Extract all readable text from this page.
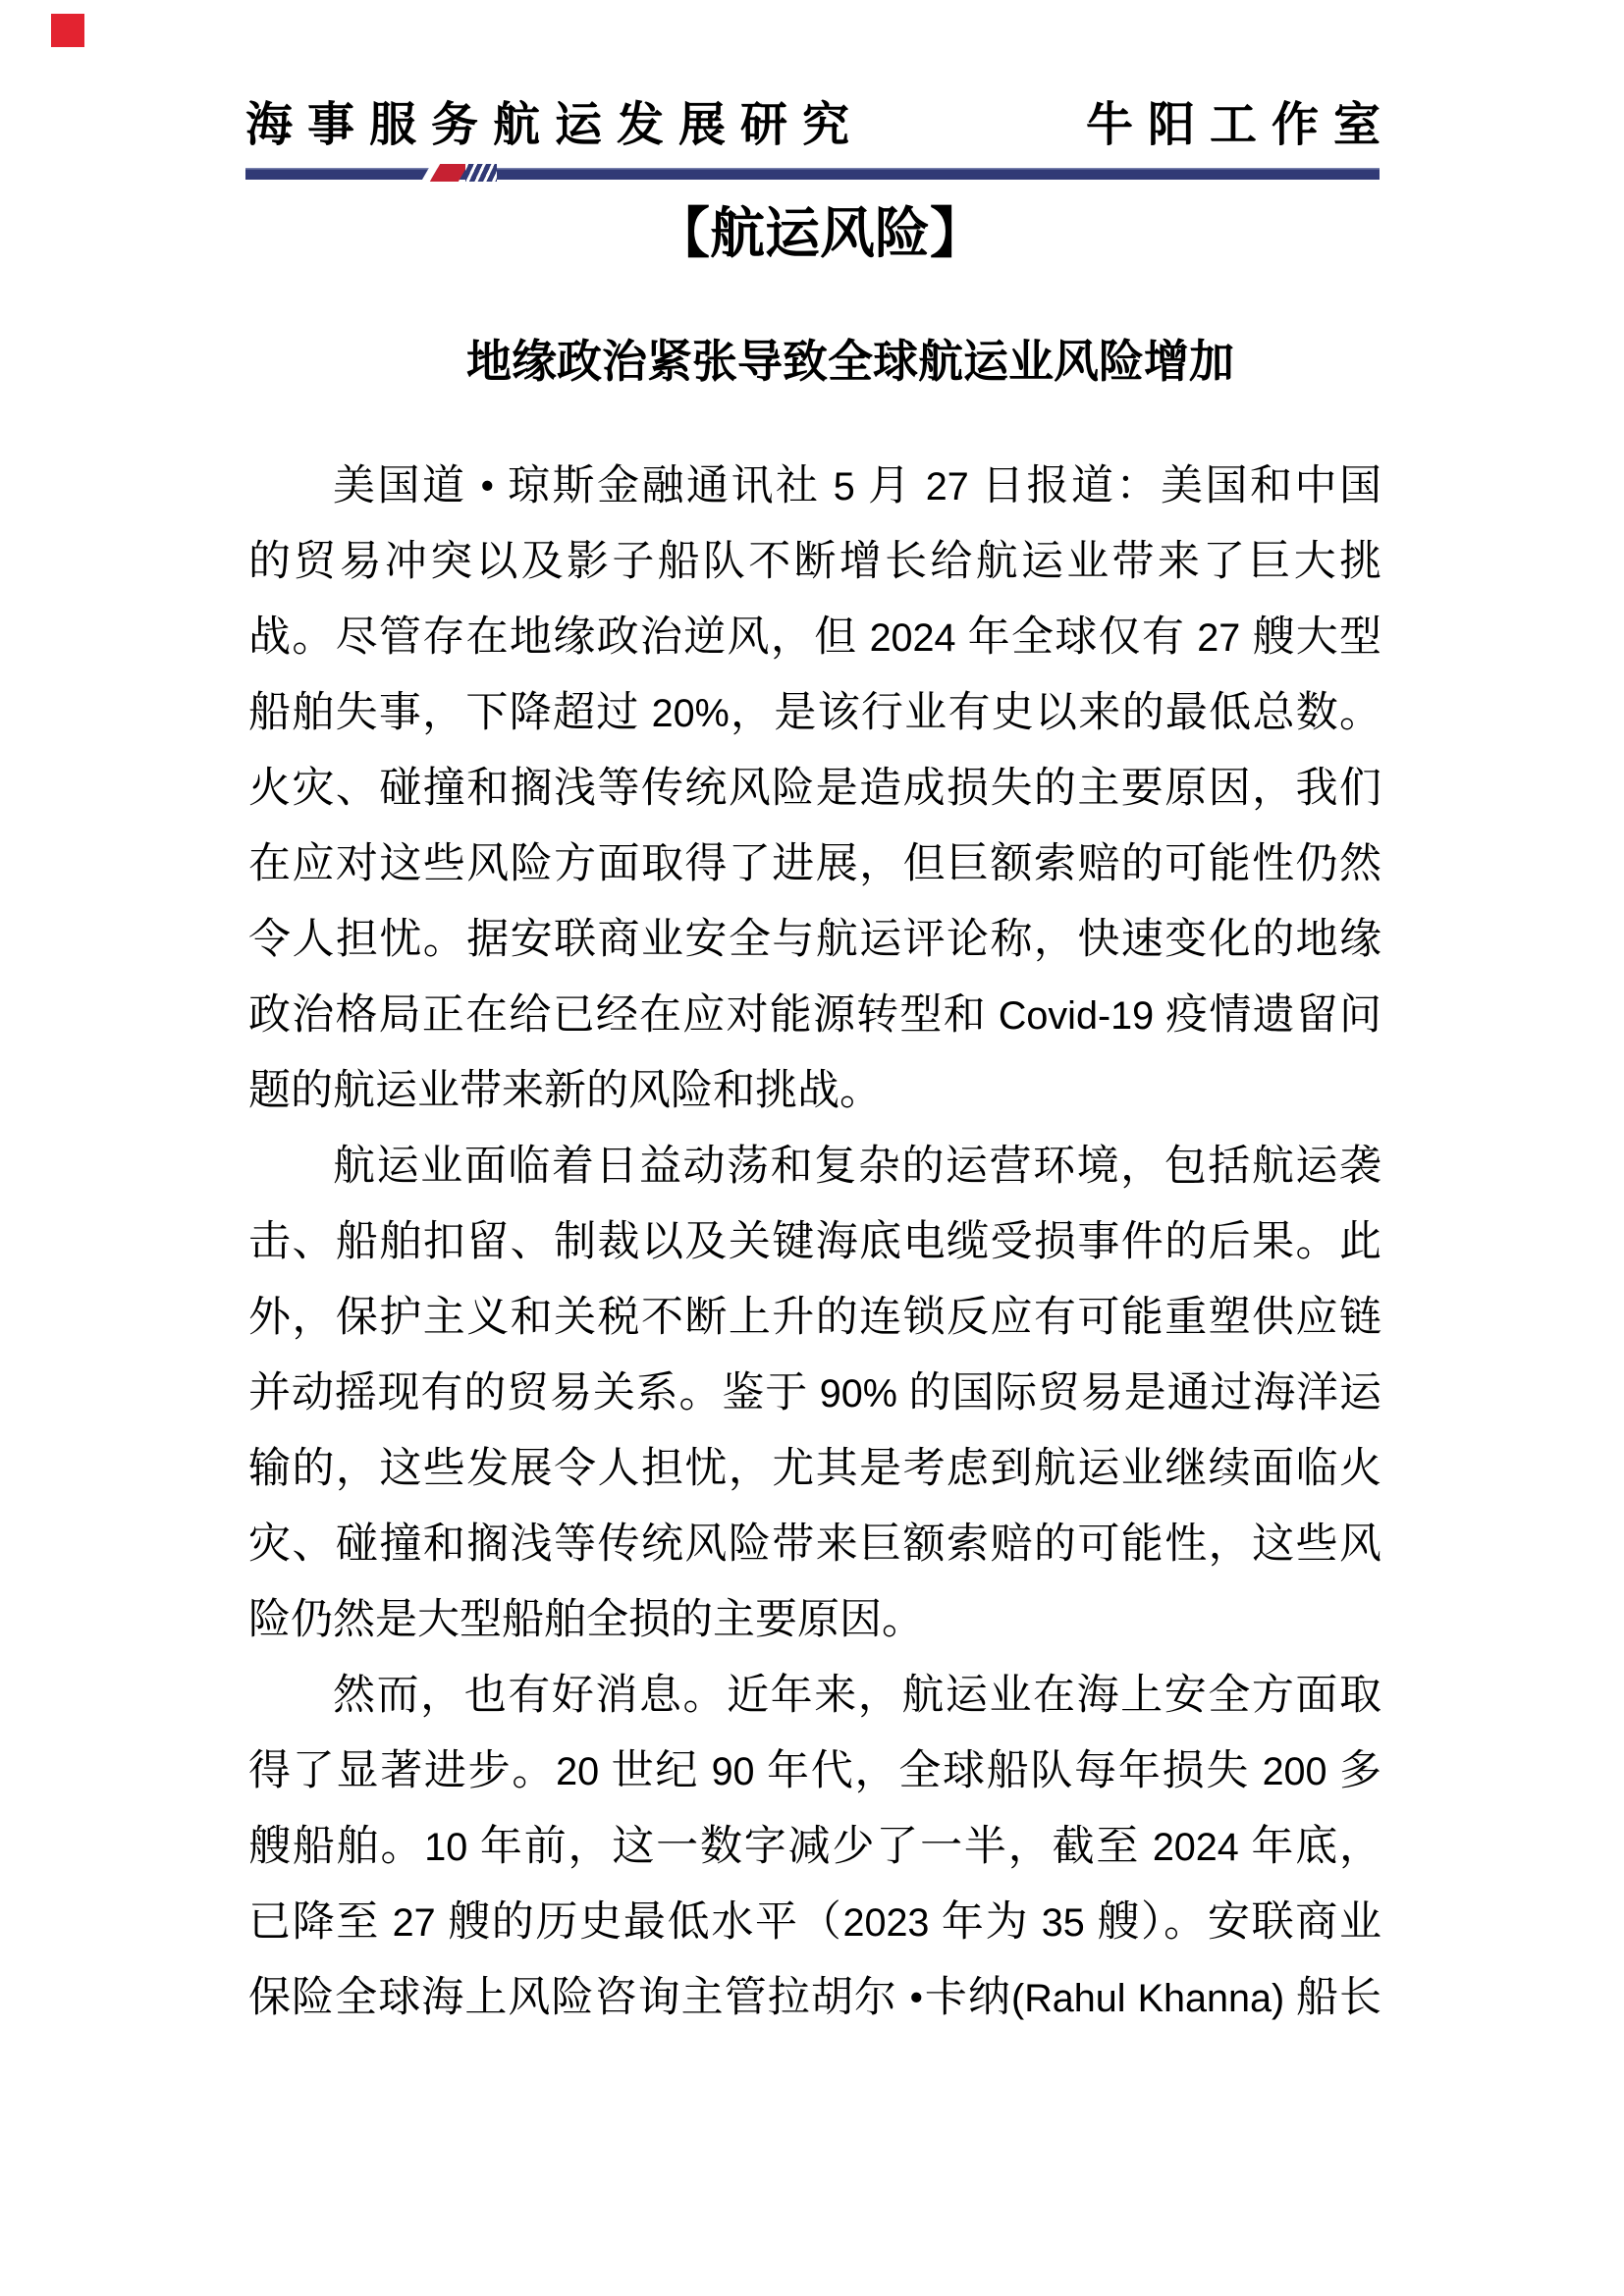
海事服务航运发展研究	牛阳工作室
【航运风险】
地缘政治紧张导致全球航运业风险增加
美国道 • 琼斯金融通讯社 5 月 27 日报道：美国和中国
的贸易冲突以及影子船队不断增长给航运业带来了巨大挑
战。尽管存在地缘政治逆风，但 2024 年全球仅有 27 艘大型
船舶失事，下降超过 20%，是该行业有史以来的最低总数。
火灾、碰撞和搁浅等传统风险是造成损失的主要原因，我们
在应对这些风险方面取得了进展，但巨额索赔的可能性仍然
令人担忧。据安联商业安全与航运评论称，快速变化的地缘
政治格局正在给已经在应对能源转型和 Covid-19 疫情遗留问
题的航运业带来新的风险和挑战。
航运业面临着日益动荡和复杂的运营环境，包括航运袭
击、船舶扣留、制裁以及关键海底电缆受损事件的后果。此
外，保护主义和关税不断上升的连锁反应有可能重塑供应链
并动摇现有的贸易关系。鉴于 90% 的国际贸易是通过海洋运
输的，这些发展令人担忧，尤其是考虑到航运业继续面临火
灾、碰撞和搁浅等传统风险带来巨额索赔的可能性，这些风
险仍然是大型船舶全损的主要原因。
然而，也有好消息。近年来，航运业在海上安全方面取
得了显著进步。20 世纪 90 年代，全球船队每年损失 200 多
艘船舶。10 年前，这一数字减少了一半，截至 2024 年底，
已降至 27 艘的历史最低水平（2023 年为 35 艘）。安联商业
保险全球海上风险咨询主管拉胡尔 •卡纳(Rahul Khanna) 船长
